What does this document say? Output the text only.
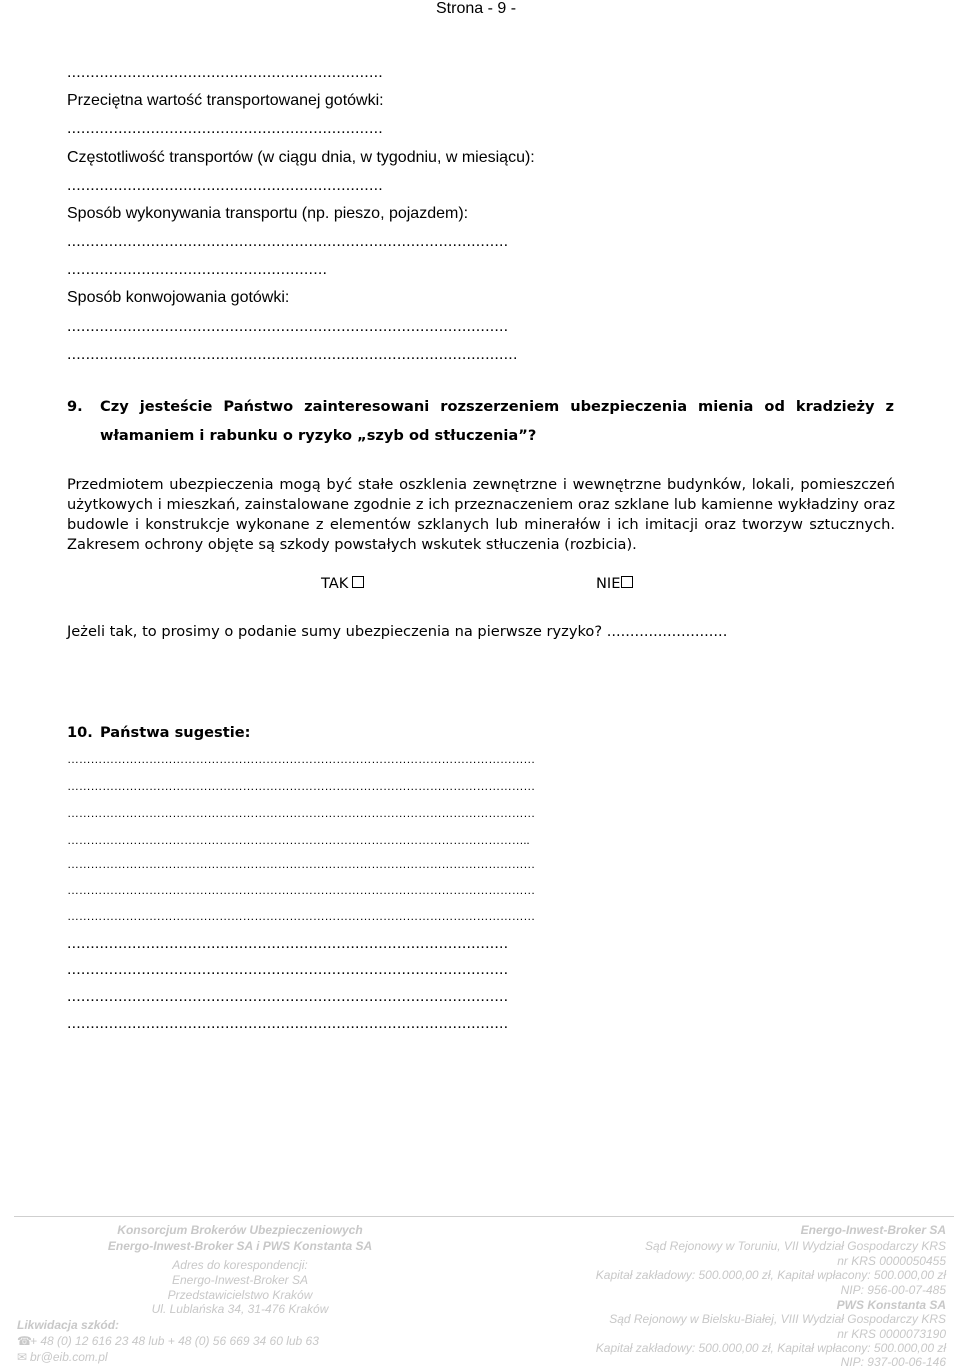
Strona - 9 -
....................................................................
Przeciętna wartość transportowanej gotówki:
....................................................................
Częstotliwość transportów (w ciągu dnia, w tygodniu, w miesiącu):
....................................................................
Sposób wykonywania transportu (np. pieszo, pojazdem):
...............................................................................................
........................................................
Sposób konwojowania gotówki:
...............................................................................................
.................................................................................................
9. Czy jesteście Państwo zainteresowani rozszerzeniem ubezpieczenia mienia od kradzieży z włamaniem i rabunku o ryzyko „szyb od stłuczenia”?
Przedmiotem ubezpieczenia mogą być stałe oszklenia zewnętrzne i wewnętrzne budynków, lokali, pomieszczeń użytkowych i mieszkań, zainstalowane zgodnie z ich przeznaczeniem oraz szklane lub kamienne wykładziny oraz budowle i konstrukcje wykonane z elementów szklanych lub minerałów i ich imitacji oraz tworzyw sztucznych. Zakresem ochrony objęte są szkody powstałych wskutek stłuczenia (rozbicia).
TAK	NIE
Jeżeli tak, to prosimy o podanie sumy ubezpieczenia na pierwsze ryzyko? ..........................
10. Państwa sugestie:
…………………………………………………………………………………………………………
…………………………………………………………………………………………………………
…………………………………………………………………………………………………………
………………………………………………………………………………………………………..
…………………………………………………………………………………………………………
…………………………………………………………………………………………………………
…………………………………………………………………………………………………………
...............................................................................................
...............................................................................................
...............................................................................................
...............................................................................................
Konsorcjum Brokerów Ubezpieczeniowych
Energo-Inwest-Broker SA i PWS Konstanta SA
Adres do korespondencji:
Energo-Inwest-Broker SA
Przedstawicielstwo Kraków
Ul. Lublańska 34, 31-476 Kraków
Likwidacja szkód:
☎+ 48 (0) 12 616 23 48 lub + 48 (0) 56 669 34 60 lub 63
✉ br@eib.com.pl
Energo-Inwest-Broker SA
Sąd Rejonowy w Toruniu, VII Wydział Gospodarczy KRS
nr KRS 0000050455
Kapitał zakładowy: 500.000,00 zł, Kapitał wpłacony: 500.000,00 zł
NIP: 956-00-07-485
PWS Konstanta SA
Sąd Rejonowy w Bielsku-Białej, VIII Wydział Gospodarczy KRS
nr KRS 0000073190
Kapitał zakładowy: 500.000,00 zł, Kapitał wpłacony: 500.000,00 zł
NIP: 937-00-06-146
